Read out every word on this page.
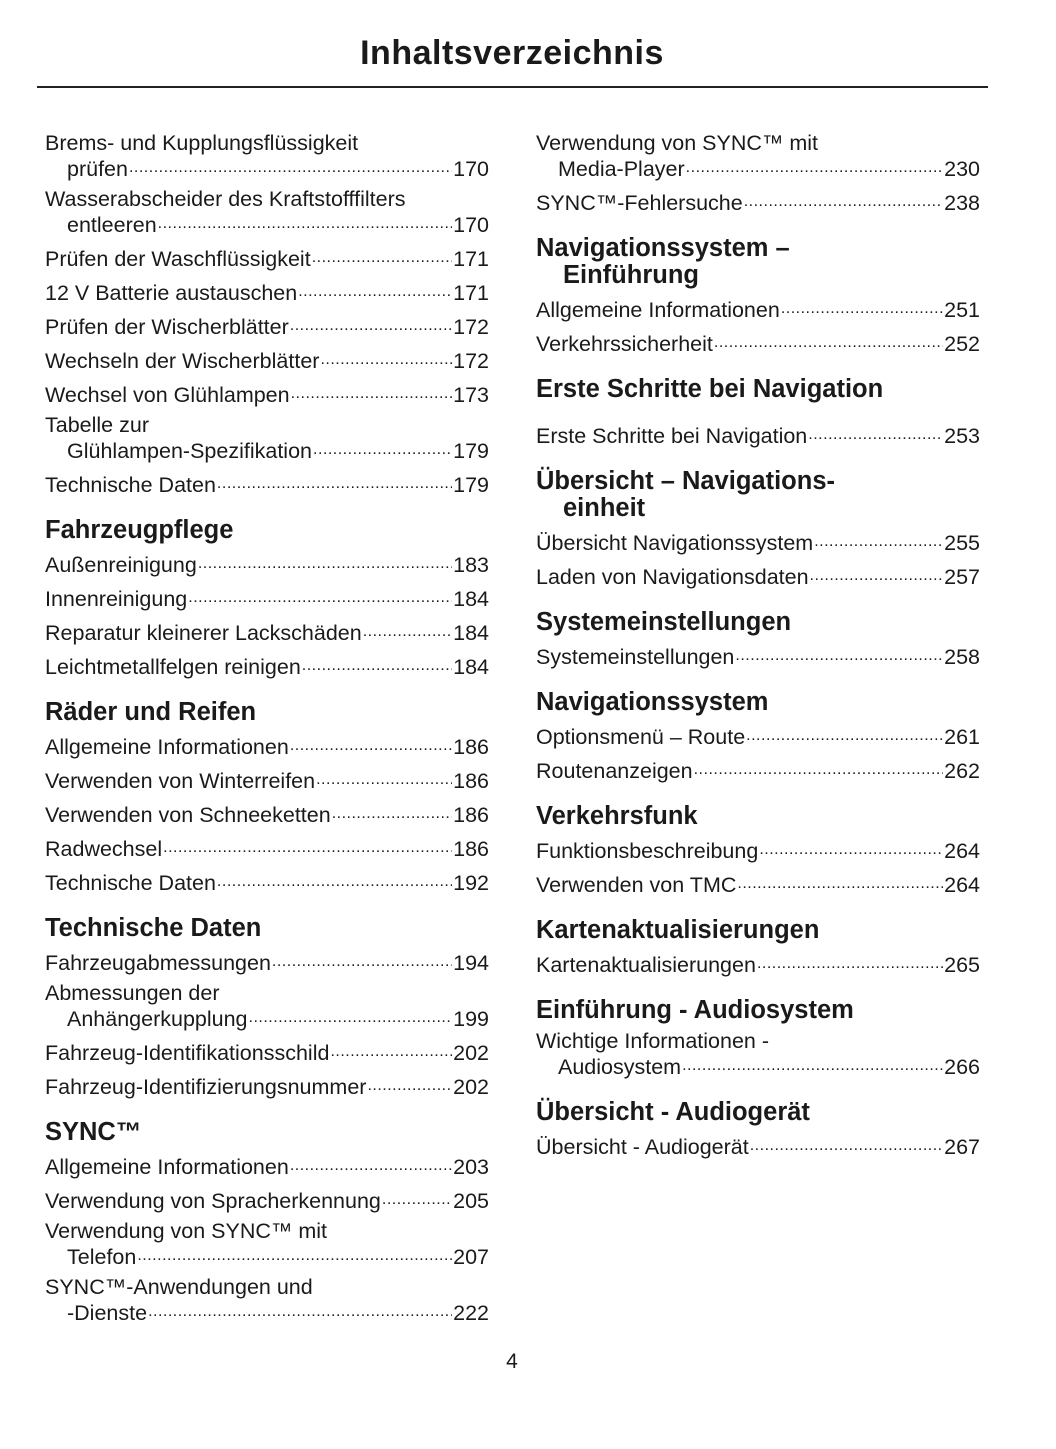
Inhaltsverzeichnis
Brems- und Kupplungsflüssigkeit
prüfen .....	170
Wasserabscheider des Kraftstofffilters
entleeren .....	170
Prüfen der Waschflüssigkeit .....	171
12 V Batterie austauschen .....	171
Prüfen der Wischerblätter .....	172
Wechseln der Wischerblätter .....	172
Wechsel von Glühlampen .....	173
Tabelle zur
Glühlampen-Spezifikation .....	179
Technische Daten .....	179
Fahrzeugpflege
Außenreinigung .....	183
Innenreinigung .....	184
Reparatur kleinerer Lackschäden .....	184
Leichtmetallfelgen reinigen .....	184
Räder und Reifen
Allgemeine Informationen .....	186
Verwenden von Winterreifen .....	186
Verwenden von Schneeketten .....	186
Radwechsel .....	186
Technische Daten .....	192
Technische Daten
Fahrzeugabmessungen .....	194
Abmessungen der
Anhängerkupplung .....	199
Fahrzeug-Identifikationsschild .....	202
Fahrzeug-Identifizierungsnummer .....	202
SYNC™
Allgemeine Informationen .....	203
Verwendung von Spracherkennung .....	205
Verwendung von SYNC™ mit
Telefon .....	207
SYNC™-Anwendungen und
-Dienste .....	222
Verwendung von SYNC™ mit
Media-Player .....	230
SYNC™-Fehlersuche .....	238
Navigationssystem –
Einführung
Allgemeine Informationen .....	251
Verkehrssicherheit .....	252
Erste Schritte bei Navigation
Erste Schritte bei Navigation .....	253
Übersicht – Navigations-
einheit
Übersicht Navigationssystem .....	255
Laden von Navigationsdaten .....	257
Systemeinstellungen
Systemeinstellungen .....	258
Navigationssystem
Optionsmenü – Route .....	261
Routenanzeigen .....	262
Verkehrsfunk
Funktionsbeschreibung .....	264
Verwenden von TMC .....	264
Kartenaktualisierungen
Kartenaktualisierungen .....	265
Einführung - Audiosystem
Wichtige Informationen -
Audiosystem .....	266
Übersicht - Audiogerät
Übersicht - Audiogerät .....	267
4
